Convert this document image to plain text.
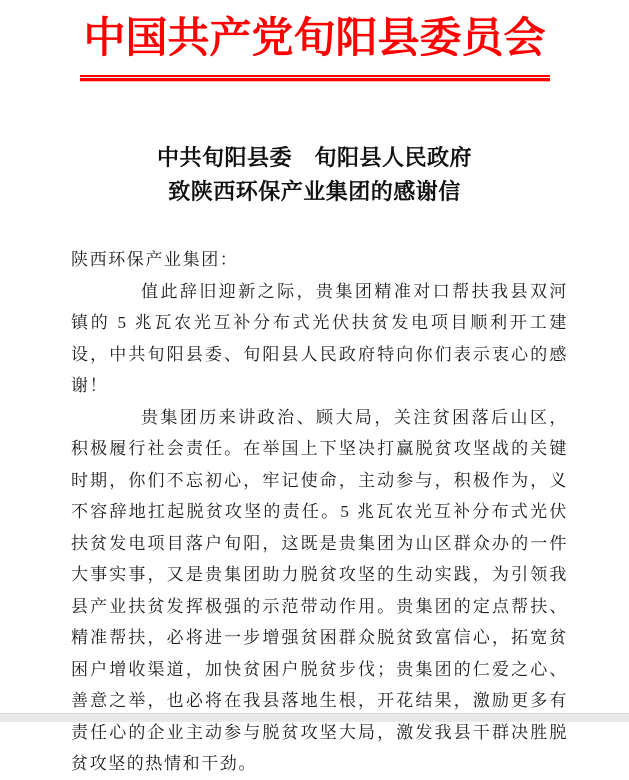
中国共产党旬阳县委员会
中共旬阳县委　旬阳县人民政府
致陕西环保产业集团的感谢信

陕西环保产业集团：

值此辞旧迎新之际，贵集团精准对口帮扶我县双河镇的 5 兆瓦农光互补分布式光伏扶贫发电项目顺利开工建设，中共旬阳县委、旬阳县人民政府特向你们表示衷心的感谢！

贵集团历来讲政治、顾大局，关注贫困落后山区，积极履行社会责任。在举国上下坚决打赢脱贫攻坚战的关键时期，你们不忘初心，牢记使命，主动参与，积极作为，义不容辞地扛起脱贫攻坚的责任。5 兆瓦农光互补分布式光伏扶贫发电项目落户旬阳，这既是贵集团为山区群众办的一件大事实事，又是贵集团助力脱贫攻坚的生动实践，为引领我县产业扶贫发挥极强的示范带动作用。贵集团的定点帮扶、精准帮扶，必将进一步增强贫困群众脱贫致富信心，拓宽贫困户增收渠道，加快贫困户脱贫步伐；贵集团的仁爱之心、善意之举，也必将在我县落地生根，开花结果，激励更多有责任心的企业主动参与脱贫攻坚大局，激发我县干群决胜脱贫攻坚的热情和干劲。
